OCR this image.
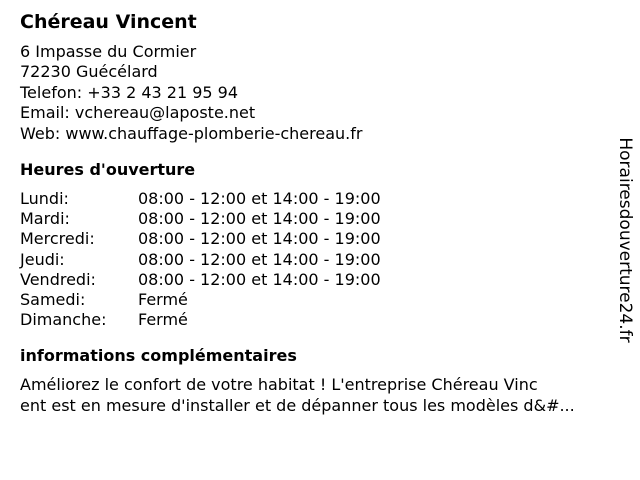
Chéreau Vincent
6 Impasse du Cormier
72230 Guécélard
Telefon: +33 2 43 21 95 94
Email: vchereau@laposte.net
Web: www.chauffage-plomberie-chereau.fr
Heures d'ouverture
Lundi:	08:00 - 12:00 et 14:00 - 19:00
Mardi:	08:00 - 12:00 et 14:00 - 19:00
Mercredi:	08:00 - 12:00 et 14:00 - 19:00
Jeudi:	08:00 - 12:00 et 14:00 - 19:00
Vendredi:	08:00 - 12:00 et 14:00 - 19:00
Samedi:	Fermé
Dimanche:	Fermé
informations complémentaires
Améliorez le confort de votre habitat ! L'entreprise Chéreau Vinc
ent est en mesure d'installer et de dépanner tous les modèles d&#...
Horairesdouverture24.fr
